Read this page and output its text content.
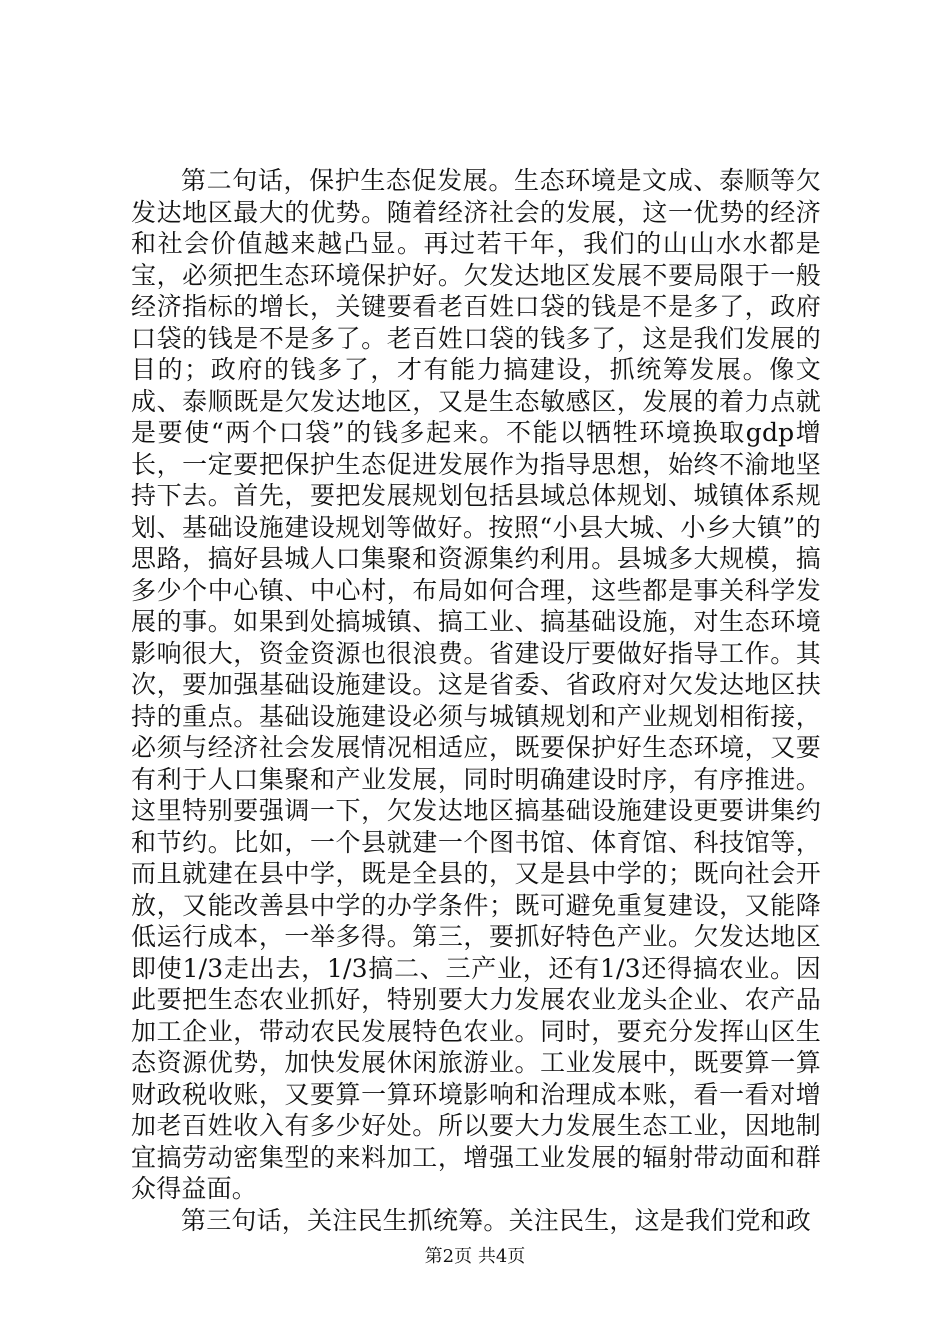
第二句话，保护生态促发展。生态环境是文成、泰顺等欠发达地区最大的优势。随着经济社会的发展，这一优势的经济和社会价值越来越凸显。再过若干年，我们的山山水水都是宝，必须把生态环境保护好。欠发达地区发展不要局限于一般经济指标的增长，关键要看老百姓口袋的钱是不是多了，政府口袋的钱是不是多了。老百姓口袋的钱多了，这是我们发展的目的；政府的钱多了，才有能力搞建设，抓统筹发展。像文成、泰顺既是欠发达地区，又是生态敏感区，发展的着力点就是要使“两个口袋”的钱多起来。不能以牺牲环境换取gdp增长，一定要把保护生态促进发展作为指导思想，始终不渝地坚持下去。首先，要把发展规划包括县域总体规划、城镇体系规划、基础设施建设规划等做好。按照“小县大城、小乡大镇”的思路，搞好县城人口集聚和资源集约利用。县城多大规模，搞多少个中心镇、中心村，布局如何合理，这些都是事关科学发展的事。如果到处搞城镇、搞工业、搞基础设施，对生态环境影响很大，资金资源也很浪费。省建设厅要做好指导工作。其次，要加强基础设施建设。这是省委、省政府对欠发达地区扶持的重点。基础设施建设必须与城镇规划和产业规划相衔接，必须与经济社会发展情况相适应，既要保护好生态环境，又要有利于人口集聚和产业发展，同时明确建设时序，有序推进。这里特别要强调一下，欠发达地区搞基础设施建设更要讲集约和节约。比如，一个县就建一个图书馆、体育馆、科技馆等，而且就建在县中学，既是全县的，又是县中学的；既向社会开放，又能改善县中学的办学条件；既可避免重复建设，又能降低运行成本，一举多得。第三，要抓好特色产业。欠发达地区即使1/3走出去，1/3搞二、三产业，还有1/3还得搞农业。因此要把生态农业抓好，特别要大力发展农业龙头企业、农产品加工企业，带动农民发展特色农业。同时，要充分发挥山区生态资源优势，加快发展休闲旅游业。工业发展中，既要算一算财政税收账，又要算一算环境影响和治理成本账，看一看对增加老百姓收入有多少好处。所以要大力发展生态工业，因地制宜搞劳动密集型的来料加工，增强工业发展的辐射带动面和群众得益面。

第三句话，关注民生抓统筹。关注民生，这是我们党和政

第2页 共4页
